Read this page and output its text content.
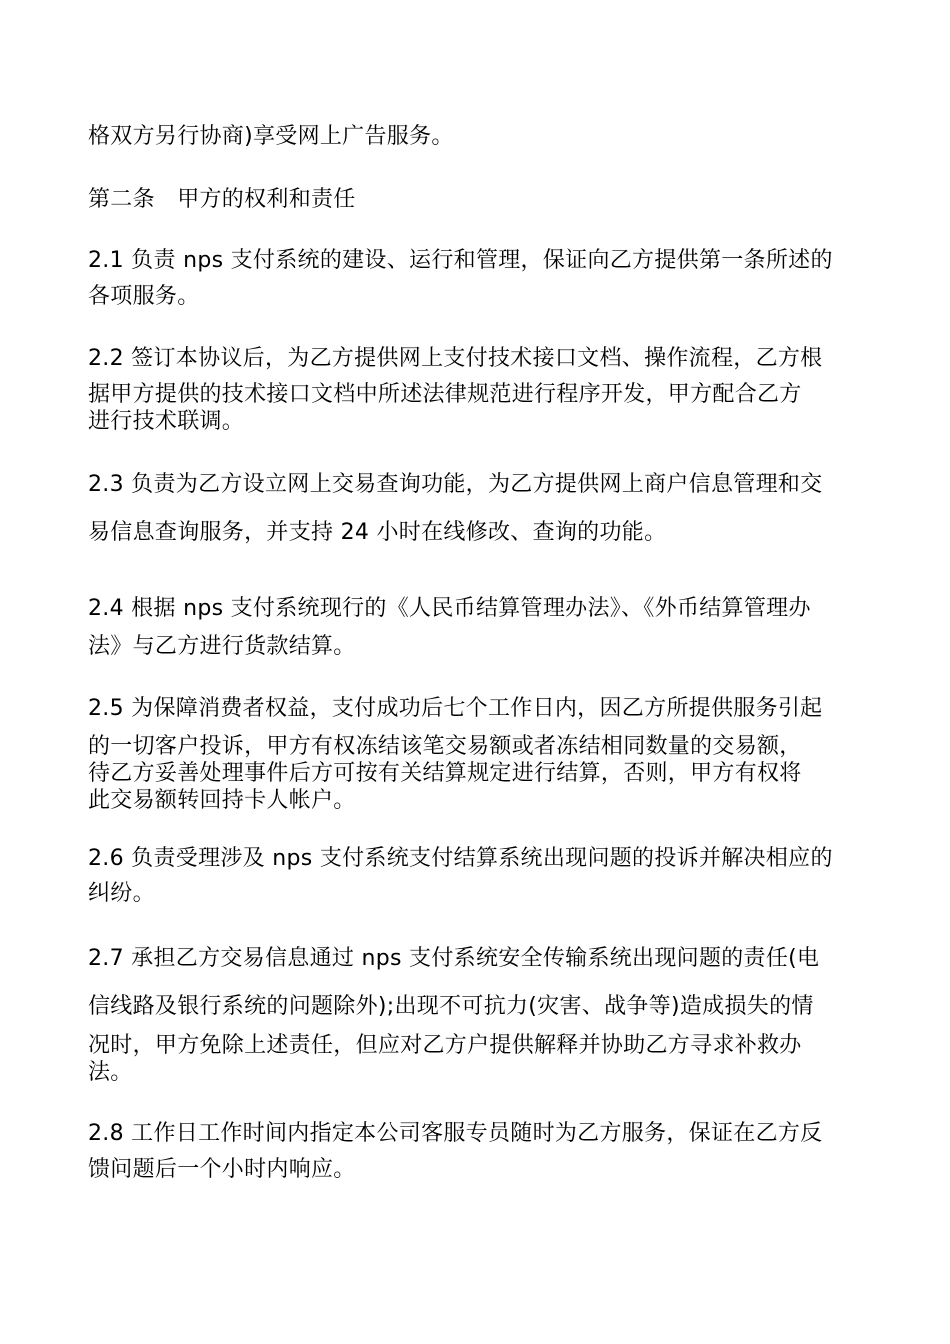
格双方另行协商)享受网上广告服务。
第二条　甲方的权利和责任
2.1 负责 nps 支付系统的建设、运行和管理，保证向乙方提供第一条所述的
各项服务。
2.2 签订本协议后，为乙方提供网上支付技术接口文档、操作流程，乙方根
据甲方提供的技术接口文档中所述法律规范进行程序开发，甲方配合乙方
进行技术联调。
2.3 负责为乙方设立网上交易查询功能，为乙方提供网上商户信息管理和交
易信息查询服务，并支持 24 小时在线修改、查询的功能。
2.4 根据 nps 支付系统现行的《人民币结算管理办法》、《外币结算管理办
法》与乙方进行货款结算。
2.5 为保障消费者权益，支付成功后七个工作日内，因乙方所提供服务引起
的一切客户投诉，甲方有权冻结该笔交易额或者冻结相同数量的交易额，
待乙方妥善处理事件后方可按有关结算规定进行结算，否则，甲方有权将
此交易额转回持卡人帐户。
2.6 负责受理涉及 nps 支付系统支付结算系统出现问题的投诉并解决相应的
纠纷。
2.7 承担乙方交易信息通过 nps 支付系统安全传输系统出现问题的责任(电
信线路及银行系统的问题除外);出现不可抗力(灾害、战争等)造成损失的情
况时，甲方免除上述责任，但应对乙方户提供解释并协助乙方寻求补救办
法。
2.8 工作日工作时间内指定本公司客服专员随时为乙方服务，保证在乙方反
馈问题后一个小时内响应。
